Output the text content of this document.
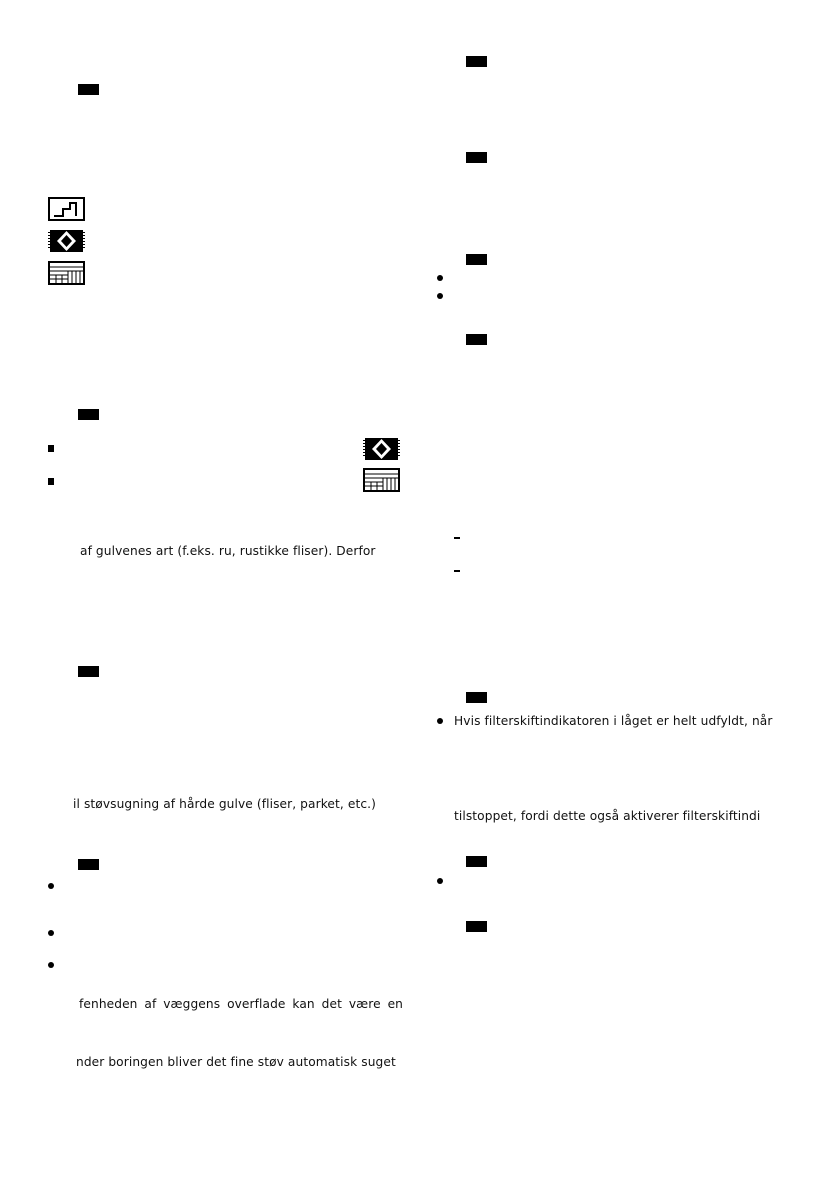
af gulvenes art (f.eks. ru, rustikke fliser). Derfor
il støvsugning af hårde gulve (fliser, parket, etc.)
fenheden af væggens overflade kan det være en
nder boringen bliver det fine støv automatisk suget
Hvis filterskiftindikatoren i låget er helt udfyldt, når
tilstoppet, fordi dette også aktiverer filterskiftindi
